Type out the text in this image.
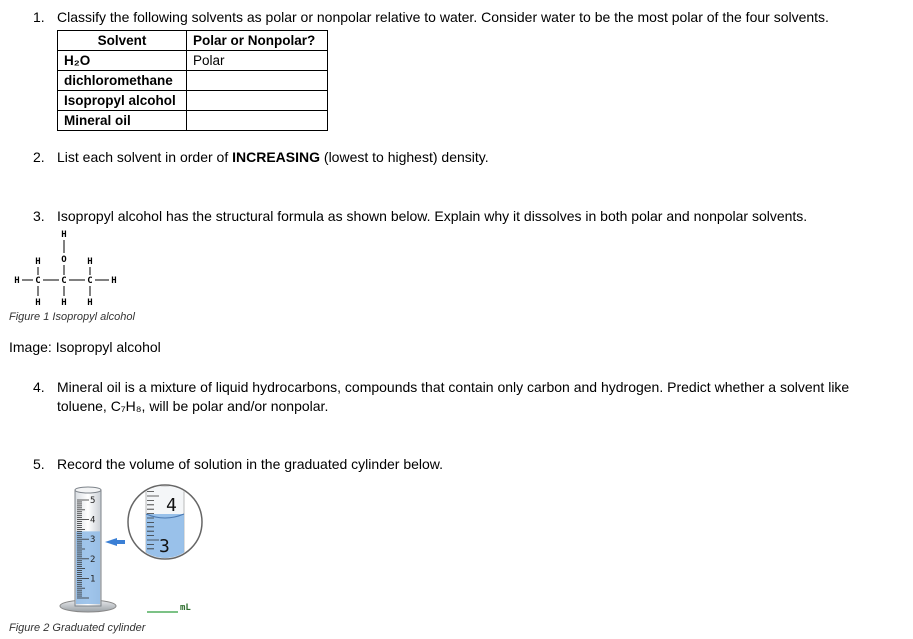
1. Classify the following solvents as polar or nonpolar relative to water. Consider water to be the most polar of the four solvents.
Solvent	Polar or Nonpolar?
H₂O	Polar
dichloromethane	
Isopropyl alcohol	
Mineral oil	
2. List each solvent in order of INCREASING (lowest to highest) density.
3. Isopropyl alcohol has the structural formula as shown below. Explain why it dissolves in both polar and nonpolar solvents.
H
H O H
H C C C H
H H H
Figure 1 Isopropyl alcohol
Image: Isopropyl alcohol
4. Mineral oil is a mixture of liquid hydrocarbons, compounds that contain only carbon and hydrogen. Predict whether a solvent like
toluene, C₇H₈, will be polar and/or nonpolar.
5. Record the volume of solution in the graduated cylinder below.
5
4
3
2
1
4
3
mL
Figure 2 Graduated cylinder
